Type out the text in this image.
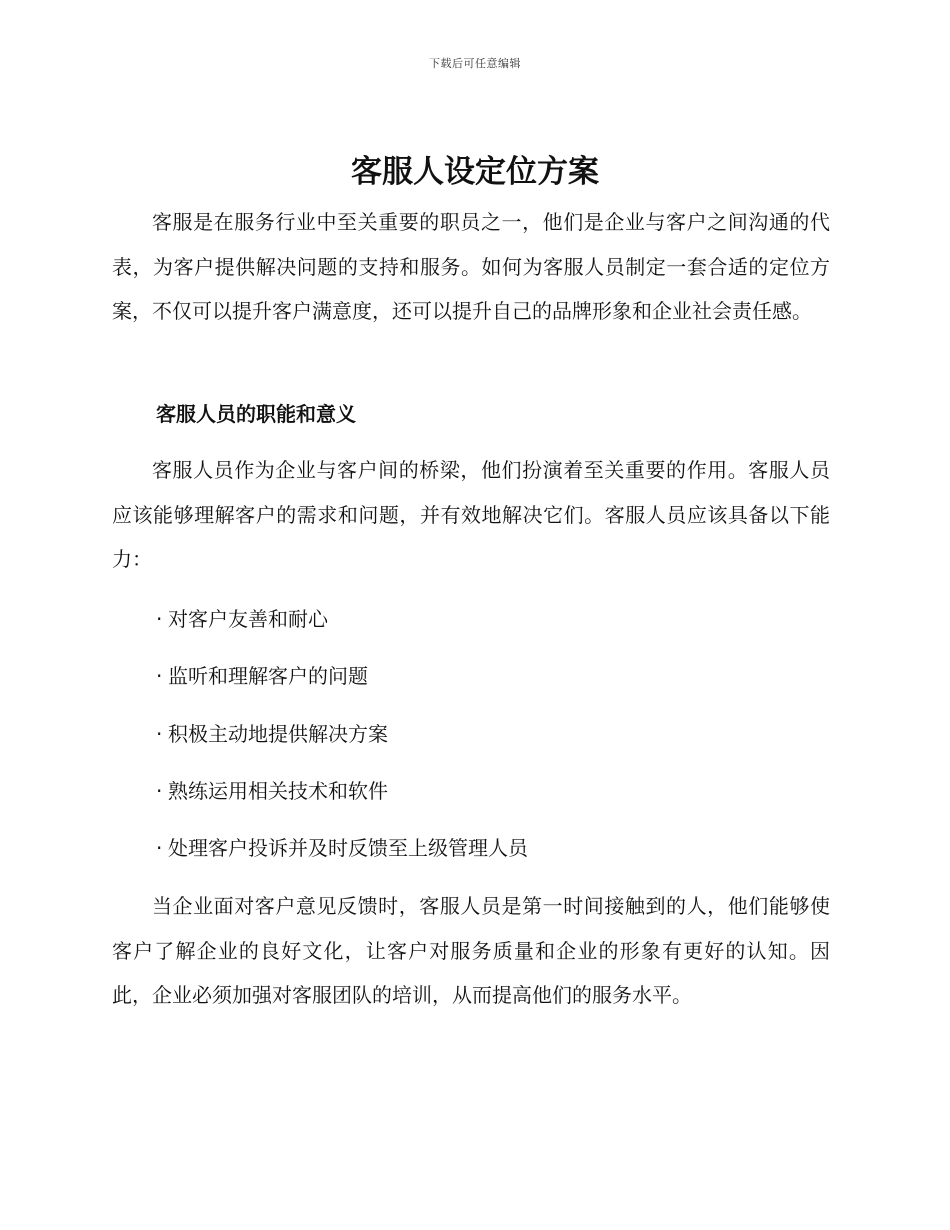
下载后可任意编辑
客服人设定位方案

客服是在服务行业中至关重要的职员之一，他们是企业与客户之间沟通的代表，为客户提供解决问题的支持和服务。如何为客服人员制定一套合适的定位方案，不仅可以提升客户满意度，还可以提升自己的品牌形象和企业社会责任感。

客服人员的职能和意义

客服人员作为企业与客户间的桥梁，他们扮演着至关重要的作用。客服人员应该能够理解客户的需求和问题，并有效地解决它们。客服人员应该具备以下能力：

· 对客户友善和耐心
· 监听和理解客户的问题
· 积极主动地提供解决方案
· 熟练运用相关技术和软件
· 处理客户投诉并及时反馈至上级管理人员

当企业面对客户意见反馈时，客服人员是第一时间接触到的人，他们能够使客户了解企业的良好文化，让客户对服务质量和企业的形象有更好的认知。因此，企业必须加强对客服团队的培训，从而提高他们的服务水平。
